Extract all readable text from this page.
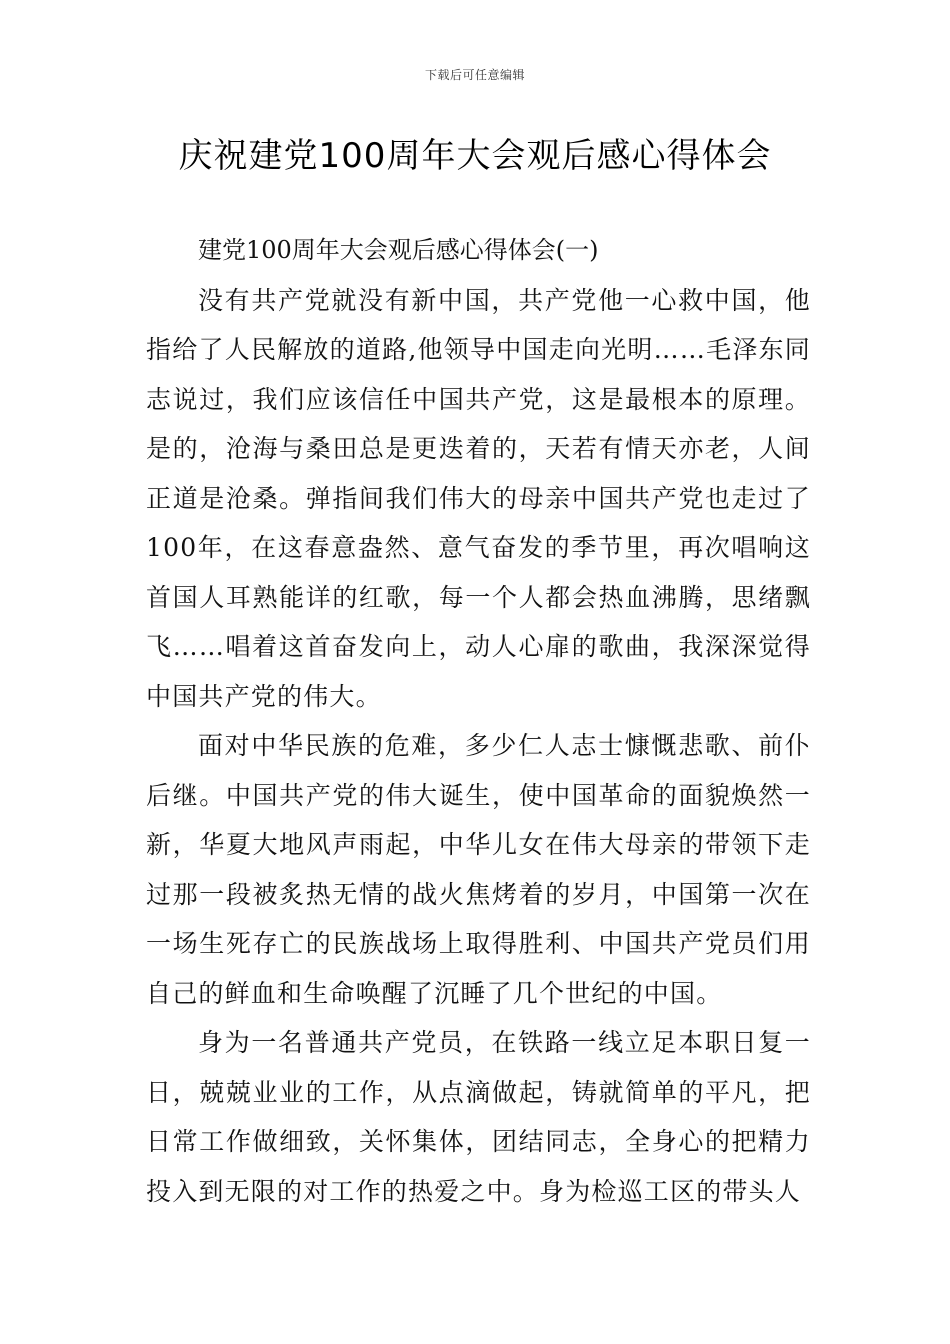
下载后可任意编辑
庆祝建党100周年大会观后感心得体会

建党100周年大会观后感心得体会(一)

没有共产党就没有新中国，共产党他一心救中国，他指给了人民解放的道路,他领导中国走向光明……毛泽东同志说过，我们应该信任中国共产党，这是最根本的原理。是的，沧海与桑田总是更迭着的，天若有情天亦老，人间正道是沧桑。弹指间我们伟大的母亲中国共产党也走过了100年，在这春意盎然、意气奋发的季节里，再次唱响这首国人耳熟能详的红歌，每一个人都会热血沸腾，思绪飘飞……唱着这首奋发向上，动人心扉的歌曲，我深深觉得中国共产党的伟大。

面对中华民族的危难，多少仁人志士慷慨悲歌、前仆后继。中国共产党的伟大诞生，使中国革命的面貌焕然一新，华夏大地风声雨起，中华儿女在伟大母亲的带领下走过那一段被炙热无情的战火焦烤着的岁月，中国第一次在一场生死存亡的民族战场上取得胜利、中国共产党员们用自己的鲜血和生命唤醒了沉睡了几个世纪的中国。

身为一名普通共产党员，在铁路一线立足本职日复一日，兢兢业业的工作，从点滴做起，铸就简单的平凡，把日常工作做细致，关怀集体，团结同志，全身心的把精力投入到无限的对工作的热爱之中。身为检巡工区的带头人
